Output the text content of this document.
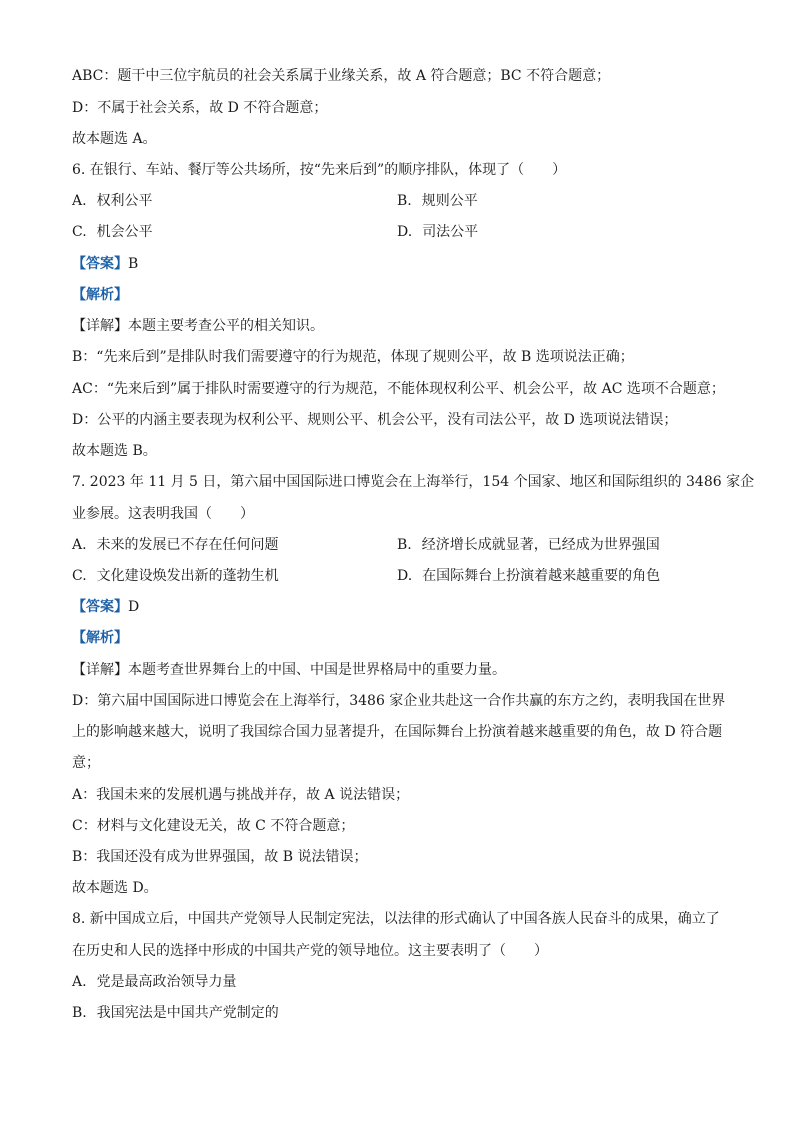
ABC：题干中三位宇航员的社会关系属于业缘关系，故 A 符合题意；BC 不符合题意；
D：不属于社会关系，故 D 不符合题意；
故本题选 A。
6. 在银行、车站、餐厅等公共场所，按“先来后到”的顺序排队，体现了（　　）
A. 权利公平	B. 规则公平
C. 机会公平	D. 司法公平
【答案】B
【解析】
【详解】本题主要考查公平的相关知识。
B：“先来后到”是排队时我们需要遵守的行为规范，体现了规则公平，故 B 选项说法正确；
AC：“先来后到”属于排队时需要遵守的行为规范，不能体现权利公平、机会公平，故 AC 选项不合题意；
D：公平的内涵主要表现为权利公平、规则公平、机会公平，没有司法公平，故 D 选项说法错误；
故本题选 B。
7. 2023 年 11 月 5 日，第六届中国国际进口博览会在上海举行，154 个国家、地区和国际组织的 3486 家企
业参展。这表明我国（　　）
A. 未来的发展已不存在任何问题	B. 经济增长成就显著，已经成为世界强国
C. 文化建设焕发出新的蓬勃生机	D. 在国际舞台上扮演着越来越重要的角色
【答案】D
【解析】
【详解】本题考查世界舞台上的中国、中国是世界格局中的重要力量。
D：第六届中国国际进口博览会在上海举行，3486 家企业共赴这一合作共赢的东方之约，表明我国在世界
上的影响越来越大，说明了我国综合国力显著提升，在国际舞台上扮演着越来越重要的角色，故 D 符合题
意；
A：我国未来的发展机遇与挑战并存，故 A 说法错误；
C：材料与文化建设无关，故 C 不符合题意；
B：我国还没有成为世界强国，故 B 说法错误；
故本题选 D。
8. 新中国成立后，中国共产党领导人民制定宪法，以法律的形式确认了中国各族人民奋斗的成果，确立了
在历史和人民的选择中形成的中国共产党的领导地位。这主要表明了（　　）
A. 党是最高政治领导力量
B. 我国宪法是中国共产党制定的
